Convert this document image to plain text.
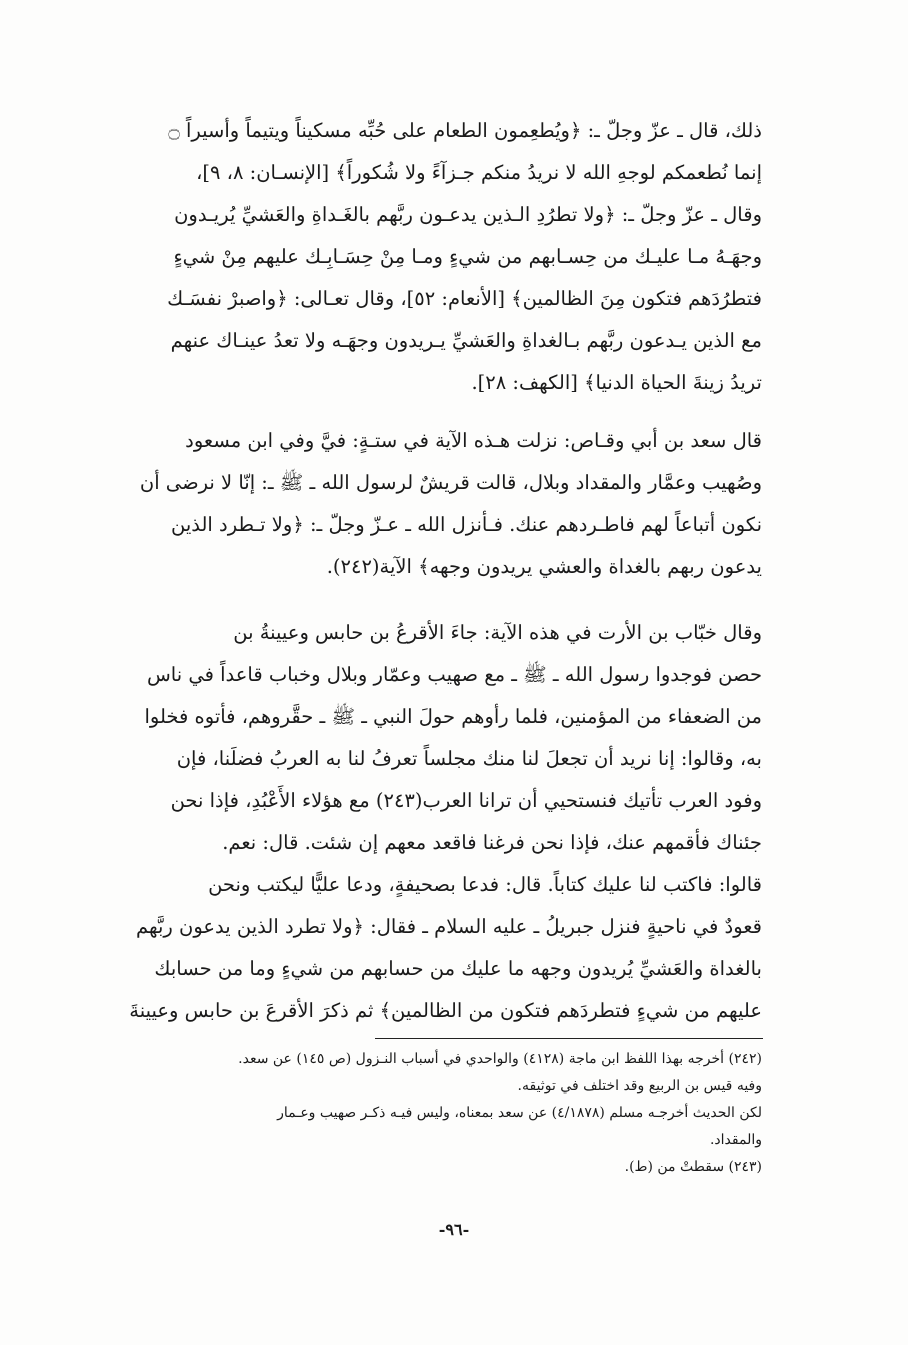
ذلك، قال ـ عزّ وجلّ ـ: ﴿ويُطعِمون الطعام على حُبِّه مسكيناً ويتيماً وأسيراً ۝
إنما نُطعمكم لوجهِ الله لا نريدُ منكم جـزآءً ولا شُكوراً﴾ [الإنسـان: ٨، ٩]،
وقال ـ عزّ وجلّ ـ: ﴿ولا تطرُدِ الـذين يدعـون ربَّهم بالغَـداةِ والعَشيِّ يُريـدون
وجهَـهُ مـا عليـك من حِسـابهم من شيءٍ ومـا مِنْ حِسَـابِـك عليهم مِنْ شيءٍ
فتطرُدَهم فتكون مِنَ الظالمين﴾ [الأنعام: ٥٢]، وقال تعـالى: ﴿واصبرْ نفسَـك
مع الذين يـدعون ربَّهم بـالغداةِ والعَشيِّ يـريدون وجهَـه ولا تعدُ عينـاك عنهم
تريدُ زينةَ الحياة الدنيا﴾ [الكهف: ٢٨].
قال سعد بن أبي وقـاص: نزلت هـذه الآية في ستـةٍ: فيَّ وفي ابن مسعود
وصُهيب وعمَّار والمقداد وبلال، قالت قريشٌ لرسول الله ـ ﷺ ـ: إنّا لا نرضى أن
نكون أتباعاً لهم فاطـردهم عنك. فـأنزل الله ـ عـزّ وجلّ ـ: ﴿ولا تـطرد الذين
يدعون ربهم بالغداة والعشي يريدون وجهه﴾ الآية(٢٤٢).
وقال خبّاب بن الأرت في هذه الآية: جاءَ الأقرعُ بن حابس وعيينةُ بن
حصن فوجدوا رسول الله ـ ﷺ ـ مع صهيب وعمّار وبلال وخباب قاعداً في ناس
من الضعفاء من المؤمنين، فلما رأوهم حولَ النبي ـ ﷺ ـ حقَّروهم، فأتوه فخلوا
به، وقالوا: إنا نريد أن تجعلَ لنا منك مجلساً تعرفُ لنا به العربُ فضلَنا، فإن
وفود العرب تأتيك فنستحيي أن ترانا العرب(٢٤٣) مع هؤلاء الأَعْبُدِ، فإذا نحن
جئناك فأقمهم عنك، فإذا نحن فرغنا فاقعد معهم إن شئت. قال: نعم.
قالوا: فاكتب لنا عليك كتاباً. قال: فدعا بصحيفةٍ، ودعا عليًّا ليكتب ونحن
قعودٌ في ناحيةٍ فنزل جبريلُ ـ عليه السلام ـ فقال: ﴿ولا تطرد الذين يدعون ربَّهم
بالغداة والعَشيِّ يُريدون وجهه ما عليك من حسابهم من شيءٍ وما من حسابك
عليهم من شيءٍ فتطردَهم فتكون من الظالمين﴾ ثم ذكرَ الأقرعَ بن حابس وعيينةَ
(٢٤٢) أخرجه بهذا اللفظ ابن ماجة (٤١٢٨) والواحدي في أسباب النـزول (ص ١٤٥) عن سعد.
وفيه قيس بن الربيع وقد اختلف في توثيقه.
لكن الحديث أخرجـه مسلم (٤/١٨٧٨) عن سعد بمعناه، وليس فيـه ذكـر صهيب وعـمار
والمقداد.
(٢٤٣) سقطتْ من (ط).
-٩٦-
